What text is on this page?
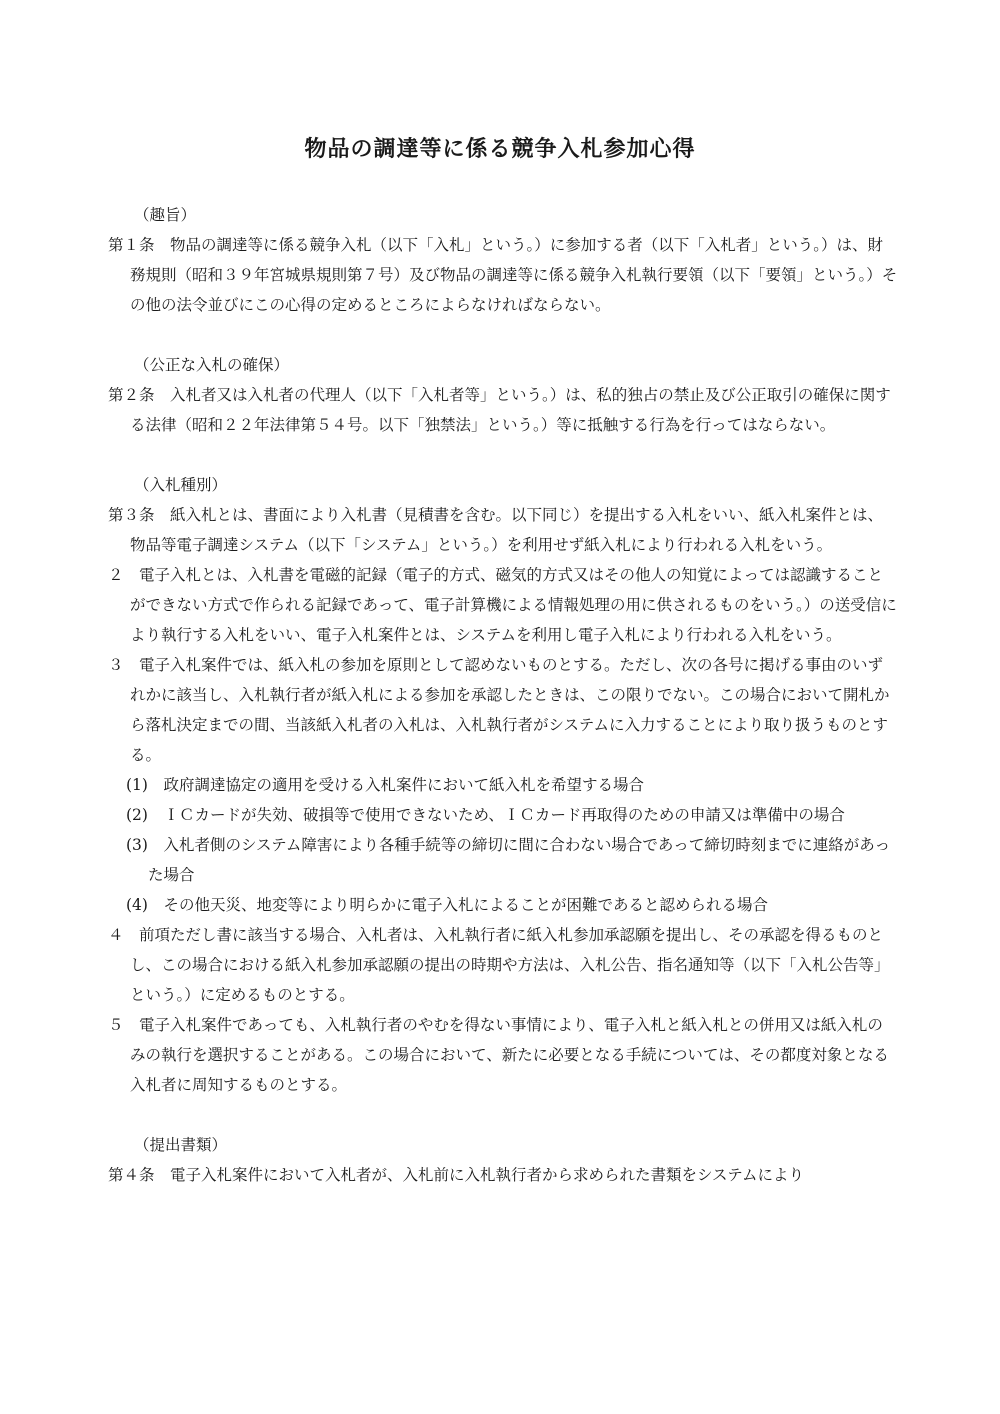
物品の調達等に係る競争入札参加心得

（趣旨）

第１条　物品の調達等に係る競争入札（以下「入札」という。）に参加する者（以下「入札者」という。）は、財務規則（昭和３９年宮城県規則第７号）及び物品の調達等に係る競争入札執行要領（以下「要領」という。）その他の法令並びにこの心得の定めるところによらなければならない。

（公正な入札の確保）

第２条　入札者又は入札者の代理人（以下「入札者等」という。）は、私的独占の禁止及び公正取引の確保に関する法律（昭和２２年法律第５４号。以下「独禁法」という。）等に抵触する行為を行ってはならない。

（入札種別）

第３条　紙入札とは、書面により入札書（見積書を含む。以下同じ）を提出する入札をいい、紙入札案件とは、物品等電子調達システム（以下「システム」という。）を利用せず紙入札により行われる入札をいう。

２　電子入札とは、入札書を電磁的記録（電子的方式、磁気的方式又はその他人の知覚によっては認識することができない方式で作られる記録であって、電子計算機による情報処理の用に供されるものをいう。）の送受信により執行する入札をいい、電子入札案件とは、システムを利用し電子入札により行われる入札をいう。

３　電子入札案件では、紙入札の参加を原則として認めないものとする。ただし、次の各号に掲げる事由のいずれかに該当し、入札執行者が紙入札による参加を承認したときは、この限りでない。この場合において開札から落札決定までの間、当該紙入札者の入札は、入札執行者がシステムに入力することにより取り扱うものとする。

(1)　政府調達協定の適用を受ける入札案件において紙入札を希望する場合

(2)　ＩＣカードが失効、破損等で使用できないため、ＩＣカード再取得のための申請又は準備中の場合

(3)　入札者側のシステム障害により各種手続等の締切に間に合わない場合であって締切時刻までに連絡があった場合

(4)　その他天災、地変等により明らかに電子入札によることが困難であると認められる場合

４　前項ただし書に該当する場合、入札者は、入札執行者に紙入札参加承認願を提出し、その承認を得るものとし、この場合における紙入札参加承認願の提出の時期や方法は、入札公告、指名通知等（以下「入札公告等」という。）に定めるものとする。

５　電子入札案件であっても、入札執行者のやむを得ない事情により、電子入札と紙入札との併用又は紙入札のみの執行を選択することがある。この場合において、新たに必要となる手続については、その都度対象となる入札者に周知するものとする。

（提出書類）

第４条　電子入札案件において入札者が、入札前に入札執行者から求められた書類をシステムにより
